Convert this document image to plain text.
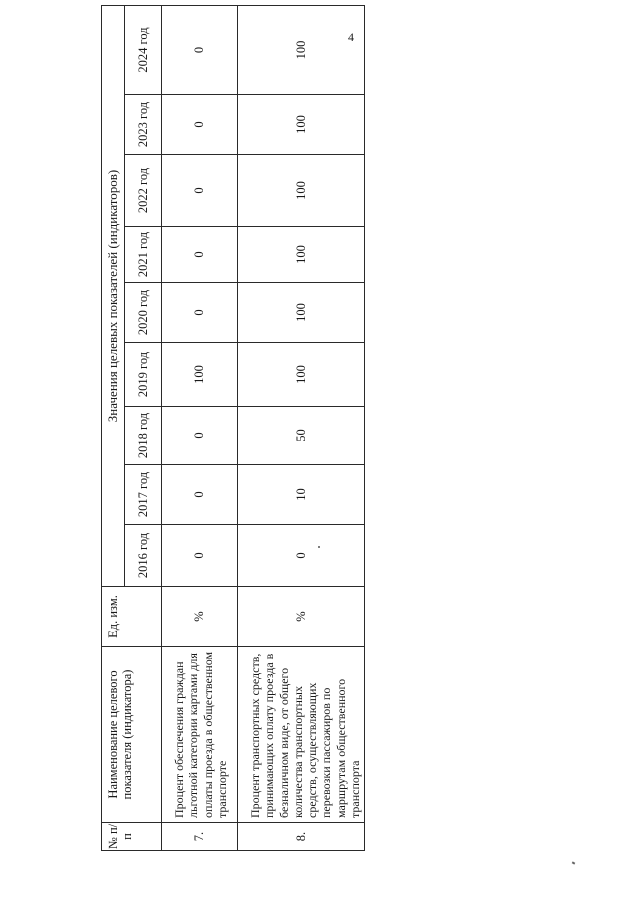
4
№ п/п	Наименование целевого показателя (индикатора)	Ед. изм.	Значения целевых показателей (индикаторов)								
			2016 год	2017 год	2018 год	2019 год	2020 год	2021 год	2022 год	2023 год	2024 год
7.	Процент обеспечения граждан льготной категории картами для оплаты проезда в общественном транспорте	%	0	0	0	100	0	0	0	0	0
8.	Процент транспортных средств, принимающих оплату проезда в безналичном виде, от общего количества транспортных средств, осуществляющих перевозки пассажиров по маршрутам общественного транспорта	%	0	10	50	100	100	100	100	100	100
